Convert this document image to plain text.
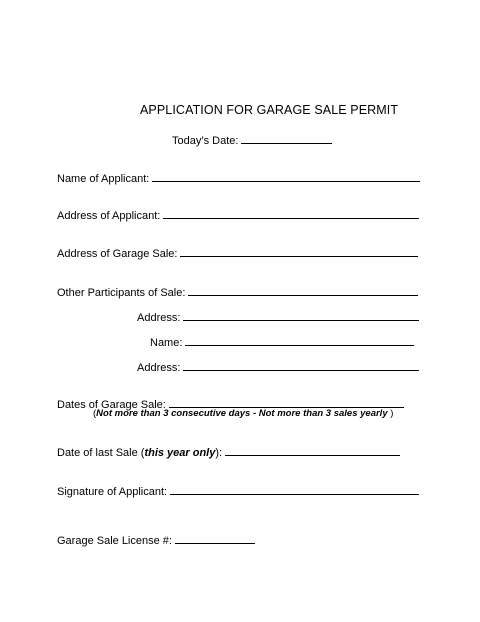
APPLICATION FOR GARAGE SALE PERMIT
Today’s Date:
Name of Applicant:
Address of Applicant:
Address of Garage Sale:
Other Participants of Sale:
Address:
Name:
Address:
Dates of Garage Sale:
(Not more than 3 consecutive days - Not more than 3 sales yearly )
Date of last Sale (this year only):
Signature of Applicant:
Garage Sale License #:
